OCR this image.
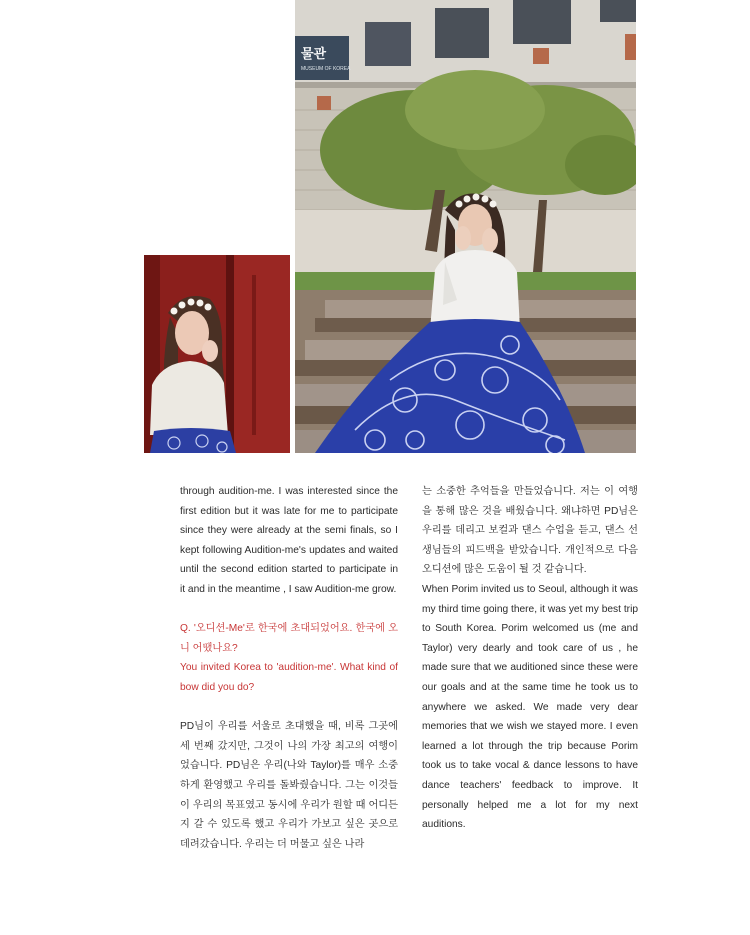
물관
MUSEUM OF KOREA

through audition-me. I was interested since the first edition but it was late for me to participate since they were already at the semi finals, so I kept following Audition-me's updates and waited until the second edition started to participate in it and in the meantime , I saw Audition-me grow.

Q. '오디션-Me'로 한국에 초대되었어요. 한국에 오니 어땠나요?

You invited Korea to 'audition-me'. What kind of bow did you do?

PD님이 우리를 서울로 초대했을 때, 비록 그곳에 세 번째 갔지만, 그것이 나의 가장 최고의 여행이었습니다. PD님은 우리(나와 Taylor)를 매우 소중하게 환영했고 우리를 돌봐줬습니다. 그는 이것들이 우리의 목표였고 동시에 우리가 원할 때 어디든지 갈 수 있도록 했고 우리가 가보고 싶은 곳으로 데려갔습니다. 우리는 더 머물고 싶은 나라

는 소중한 추억들을 만들었습니다. 저는 이 여행을 통해 많은 것을 배웠습니다. 왜냐하면 PD님은 우리를 데리고 보컬과 댄스 수업을 듣고, 댄스 선생님들의 피드백을 받았습니다. 개인적으로 다음 오디션에 많은 도움이 될 것 같습니다.

When Porim invited us to Seoul, although it was my third time going there, it was yet my best trip to South Korea. Porim welcomed us (me and Taylor) very dearly and took care of us , he made sure that we auditioned since these were our goals and at the same time he took us to anywhere we asked. We made very dear memories that we wish we stayed more. I even learned a lot through the trip because Porim took us to take vocal & dance lessons to have dance teachers' feedback to improve. It personally helped me a lot for my next auditions.
